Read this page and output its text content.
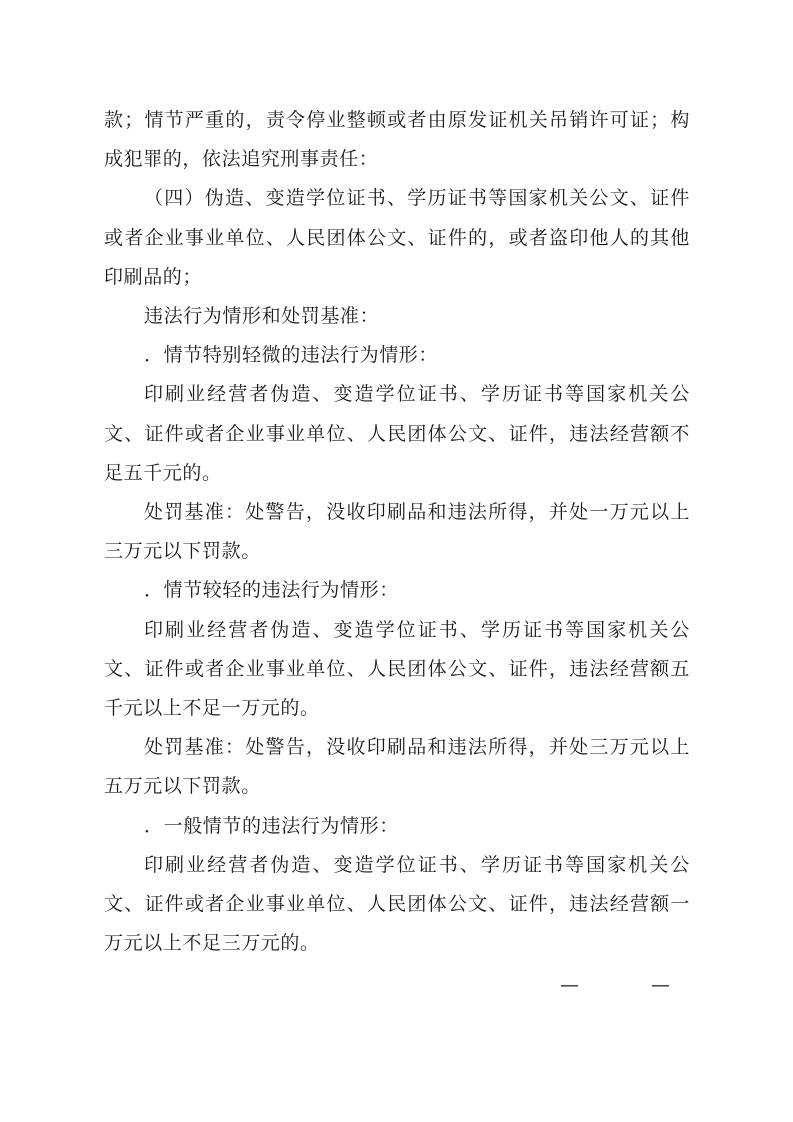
款；情节严重的，责令停业整顿或者由原发证机关吊销许可证；构成犯罪的，依法追究刑事责任：

（四）伪造、变造学位证书、学历证书等国家机关公文、证件或者企业事业单位、人民团体公文、证件的，或者盗印他人的其他印刷品的；

违法行为情形和处罚基准：

．情节特别轻微的违法行为情形：

印刷业经营者伪造、变造学位证书、学历证书等国家机关公文、证件或者企业事业单位、人民团体公文、证件，违法经营额不足五千元的。

处罚基准：处警告，没收印刷品和违法所得，并处一万元以上三万元以下罚款。

．情节较轻的违法行为情形：

印刷业经营者伪造、变造学位证书、学历证书等国家机关公文、证件或者企业事业单位、人民团体公文、证件，违法经营额五千元以上不足一万元的。

处罚基准：处警告，没收印刷品和违法所得，并处三万元以上五万元以下罚款。

．一般情节的违法行为情形：

印刷业经营者伪造、变造学位证书、学历证书等国家机关公文、证件或者企业事业单位、人民团体公文、证件，违法经营额一万元以上不足三万元的。

—	—
